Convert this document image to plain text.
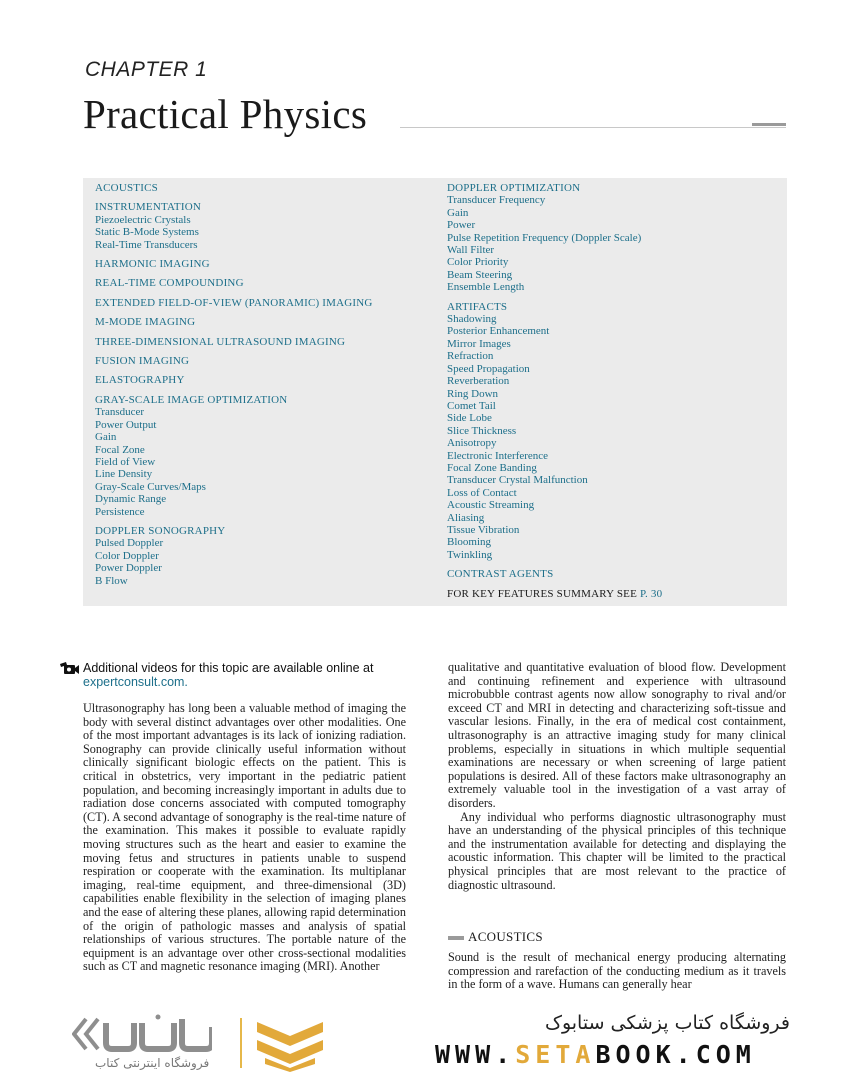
CHAPTER 1
Practical Physics
ACOUSTICS
INSTRUMENTATION
Piezoelectric Crystals
Static B-Mode Systems
Real-Time Transducers
HARMONIC IMAGING
REAL-TIME COMPOUNDING
EXTENDED FIELD-OF-VIEW (PANORAMIC) IMAGING
M-MODE IMAGING
THREE-DIMENSIONAL ULTRASOUND IMAGING
FUSION IMAGING
ELASTOGRAPHY
GRAY-SCALE IMAGE OPTIMIZATION
Transducer
Power Output
Gain
Focal Zone
Field of View
Line Density
Gray-Scale Curves/Maps
Dynamic Range
Persistence
DOPPLER SONOGRAPHY
Pulsed Doppler
Color Doppler
Power Doppler
B Flow
DOPPLER OPTIMIZATION
Transducer Frequency
Gain
Power
Pulse Repetition Frequency (Doppler Scale)
Wall Filter
Color Priority
Beam Steering
Ensemble Length
ARTIFACTS
Shadowing
Posterior Enhancement
Mirror Images
Refraction
Speed Propagation
Reverberation
Ring Down
Comet Tail
Side Lobe
Slice Thickness
Anisotropy
Electronic Interference
Focal Zone Banding
Transducer Crystal Malfunction
Loss of Contact
Acoustic Streaming
Aliasing
Tissue Vibration
Blooming
Twinkling
CONTRAST AGENTS
FOR KEY FEATURES SUMMARY SEE P. 30
Additional videos for this topic are available online at
expertconsult.com.

Ultrasonography has long been a valuable method of imaging the body with several distinct advantages over other modalities. One of the most important advantages is its lack of ionizing radiation. Sonography can provide clinically useful information without clinically significant biologic effects on the patient. This is critical in obstetrics, very important in the pediatric patient population, and becoming increasingly important in adults due to radiation dose concerns associated with computed tomography (CT). A second advantage of sonography is the real-time nature of the examination. This makes it possible to evaluate rapidly moving structures such as the heart and easier to examine the moving fetus and structures in patients unable to suspend respiration or cooperate with the examination. Its multiplanar imaging, real-time equipment, and three-dimensional (3D) capabilities enable flexibility in the selection of imaging planes and the ease of altering these planes, allowing rapid determination of the origin of pathologic masses and analysis of spatial relationships of various structures. The portable nature of the equipment is an advantage over other cross-sectional modalities such as CT and magnetic resonance imaging (MRI). Another

qualitative and quantitative evaluation of blood flow. Development and continuing refinement and experience with ultrasound microbubble contrast agents now allow sonography to rival and/or exceed CT and MRI in detecting and characterizing soft-tissue and vascular lesions. Finally, in the era of medical cost containment, ultrasonography is an attractive imaging study for many clinical problems, especially in situations in which multiple sequential examinations are necessary or when screening of large patient populations is desired. All of these factors make ultrasonography an extremely valuable tool in the investigation of a vast array of disorders.

Any individual who performs diagnostic ultrasonography must have an understanding of the physical principles of this technique and the instrumentation available for detecting and displaying the acoustic information. This chapter will be limited to the practical physical principles that are most relevant to the practice of diagnostic ultrasound.

ACOUSTICS

Sound is the result of mechanical energy producing alternating compression and rarefaction of the conducting medium as it travels in the form of a wave. Humans can generally hear

فروشگاه اینترنتی کتاب
فروشگاه کتاب پزشکی ستابوک
WWW.SETABOOK.COM
